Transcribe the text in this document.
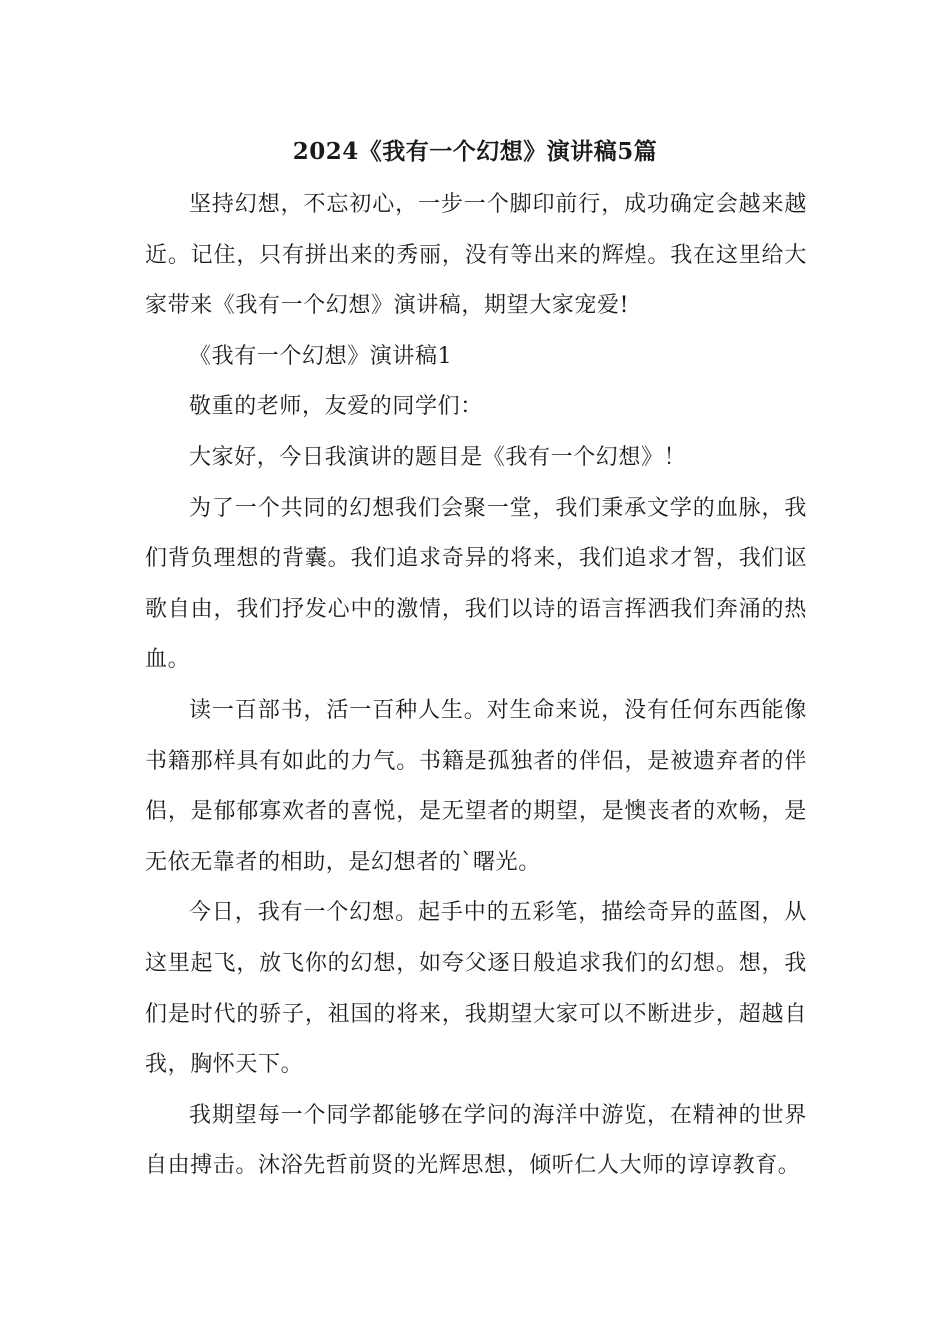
2024《我有一个幻想》演讲稿5篇

坚持幻想，不忘初心，一步一个脚印前行，成功确定会越来越近。记住，只有拼出来的秀丽，没有等出来的辉煌。我在这里给大家带来《我有一个幻想》演讲稿，期望大家宠爱!

《我有一个幻想》演讲稿1

敬重的老师，友爱的同学们：

大家好，今日我演讲的题目是《我有一个幻想》！

为了一个共同的幻想我们会聚一堂，我们秉承文学的血脉，我们背负理想的背囊。我们追求奇异的将来，我们追求才智，我们讴歌自由，我们抒发心中的激情，我们以诗的语言挥洒我们奔涌的热血。

读一百部书，活一百种人生。对生命来说，没有任何东西能像书籍那样具有如此的力气。书籍是孤独者的伴侣，是被遗弃者的伴侣，是郁郁寡欢者的喜悦，是无望者的期望，是懊丧者的欢畅，是无依无靠者的相助，是幻想者的`曙光。

今日，我有一个幻想。起手中的五彩笔，描绘奇异的蓝图，从这里起飞，放飞你的幻想，如夸父逐日般追求我们的幻想。想，我们是时代的骄子，祖国的将来，我期望大家可以不断进步，超越自我，胸怀天下。

我期望每一个同学都能够在学问的海洋中游览，在精神的世界自由搏击。沐浴先哲前贤的光辉思想，倾听仁人大师的谆谆教育。
